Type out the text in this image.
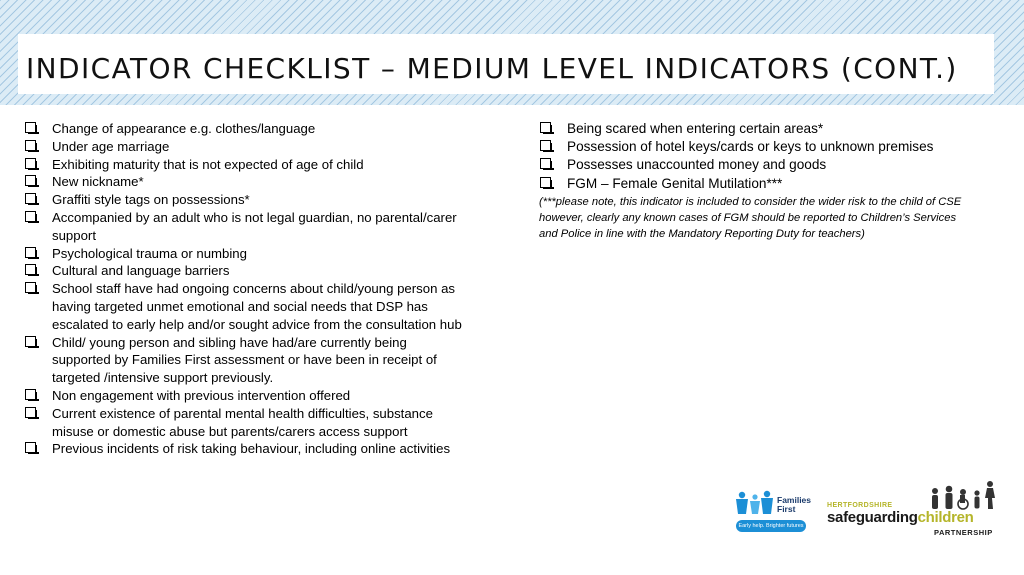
INDICATOR CHECKLIST – MEDIUM LEVEL INDICATORS (CONT.)
Change of appearance e.g. clothes/language
Under age marriage
Exhibiting maturity that is not expected of age of child
New nickname*
Graffiti style tags on possessions*
Accompanied by an adult who is not legal guardian, no parental/carer support
Psychological trauma or numbing
Cultural and language barriers
School staff have had ongoing concerns about child/young person as having targeted unmet emotional and social needs that DSP has escalated to early help and/or sought advice from the consultation hub
Child/ young person and sibling have had/are currently being supported by Families First assessment or have been in receipt of targeted /intensive support previously.
Non engagement with previous intervention offered
Current existence of parental mental health difficulties, substance misuse or domestic abuse but parents/carers access support
Previous incidents of risk taking behaviour, including online activities
Being scared when entering certain areas*
Possession of hotel keys/cards or keys to unknown premises
Possesses unaccounted money and goods
FGM – Female Genital Mutilation***
(***please note, this indicator is included to consider the wider risk to the child of CSE however, clearly any known cases of FGM should be reported to Children’s Services and Police in line with the Mandatory Reporting Duty for teachers)
Families
First
Early help. Brighter futures
HERTFORDSHIRE
safeguardingchildren
PARTNERSHIP
